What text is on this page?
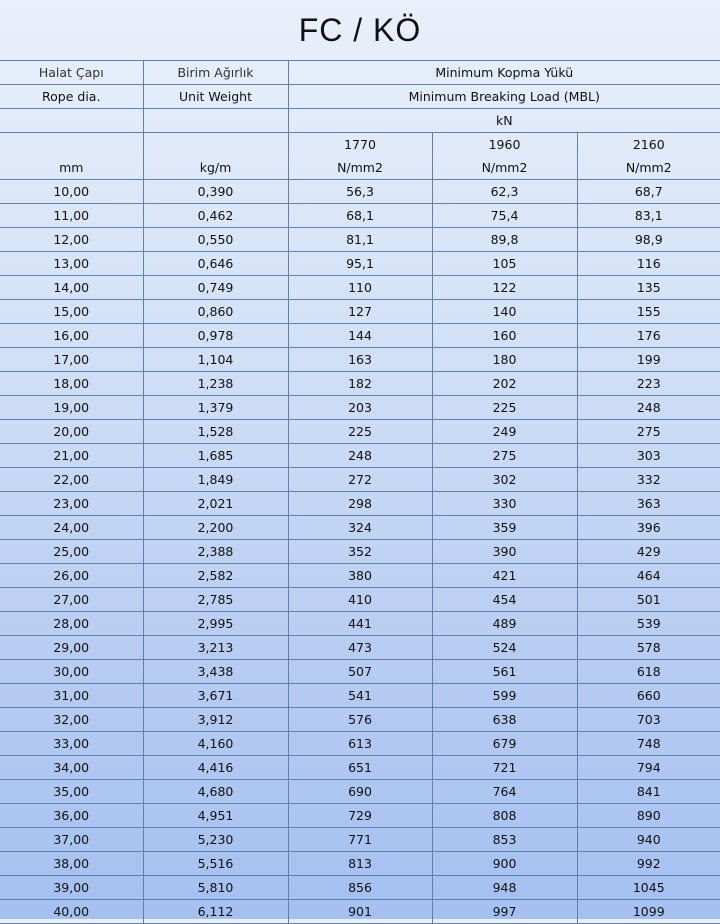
FC / KÖ
Halat Çapı	Birim Ağırlık	Minimum Kopma Yükü		
Rope dia.	Unit Weight	Minimum Breaking Load (MBL)		
		kN		
		1770	1960	2160
mm	kg/m	N/mm2	N/mm2	N/mm2
10,00	0,390	56,3	62,3	68,7
11,00	0,462	68,1	75,4	83,1
12,00	0,550	81,1	89,8	98,9
13,00	0,646	95,1	105	116
14,00	0,749	110	122	135
15,00	0,860	127	140	155
16,00	0,978	144	160	176
17,00	1,104	163	180	199
18,00	1,238	182	202	223
19,00	1,379	203	225	248
20,00	1,528	225	249	275
21,00	1,685	248	275	303
22,00	1,849	272	302	332
23,00	2,021	298	330	363
24,00	2,200	324	359	396
25,00	2,388	352	390	429
26,00	2,582	380	421	464
27,00	2,785	410	454	501
28,00	2,995	441	489	539
29,00	3,213	473	524	578
30,00	3,438	507	561	618
31,00	3,671	541	599	660
32,00	3,912	576	638	703
33,00	4,160	613	679	748
34,00	4,416	651	721	794
35,00	4,680	690	764	841
36,00	4,951	729	808	890
37,00	5,230	771	853	940
38,00	5,516	813	900	992
39,00	5,810	856	948	1045
40,00	6,112	901	997	1099
